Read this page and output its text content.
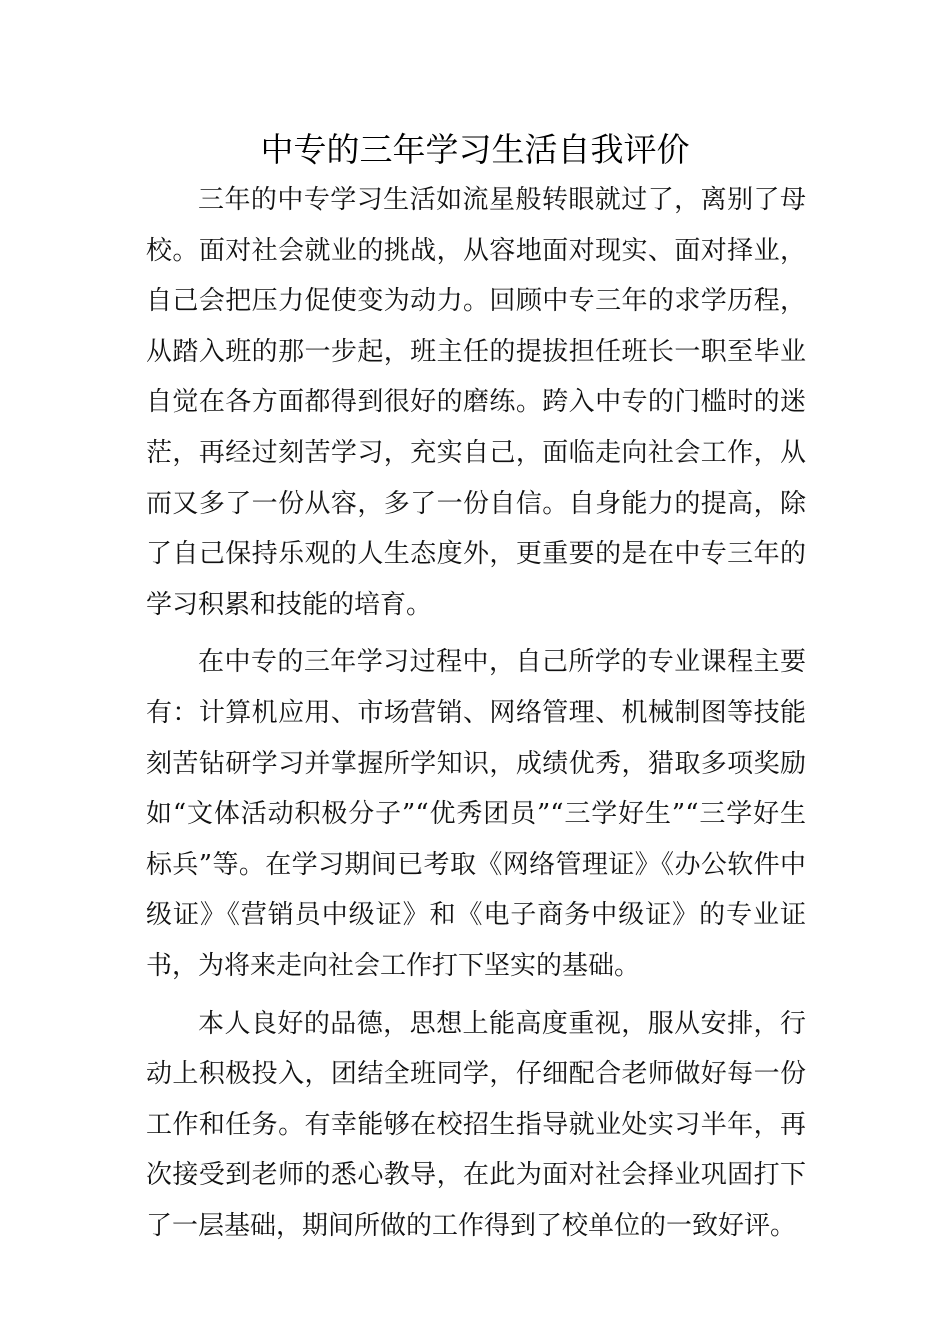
中专的三年学习生活自我评价

三年的中专学习生活如流星般转眼就过了，离别了母校。面对社会就业的挑战，从容地面对现实、面对择业，自己会把压力促使变为动力。回顾中专三年的求学历程，从踏入班的那一步起，班主任的提拔担任班长一职至毕业自觉在各方面都得到很好的磨练。跨入中专的门槛时的迷茫，再经过刻苦学习，充实自己，面临走向社会工作，从而又多了一份从容，多了一份自信。自身能力的提高，除了自己保持乐观的人生态度外，更重要的是在中专三年的学习积累和技能的培育。

在中专的三年学习过程中，自己所学的专业课程主要有：计算机应用、市场营销、网络管理、机械制图等技能刻苦钻研学习并掌握所学知识，成绩优秀，猎取多项奖励如“文体活动积极分子”“优秀团员”“三学好生”“三学好生标兵”等。在学习期间已考取《网络管理证》《办公软件中级证》《营销员中级证》和《电子商务中级证》的专业证书，为将来走向社会工作打下坚实的基础。

本人良好的品德，思想上能高度重视，服从安排，行动上积极投入，团结全班同学，仔细配合老师做好每一份工作和任务。有幸能够在校招生指导就业处实习半年，再次接受到老师的悉心教导，在此为面对社会择业巩固打下了一层基础，期间所做的工作得到了校单位的一致好评。
